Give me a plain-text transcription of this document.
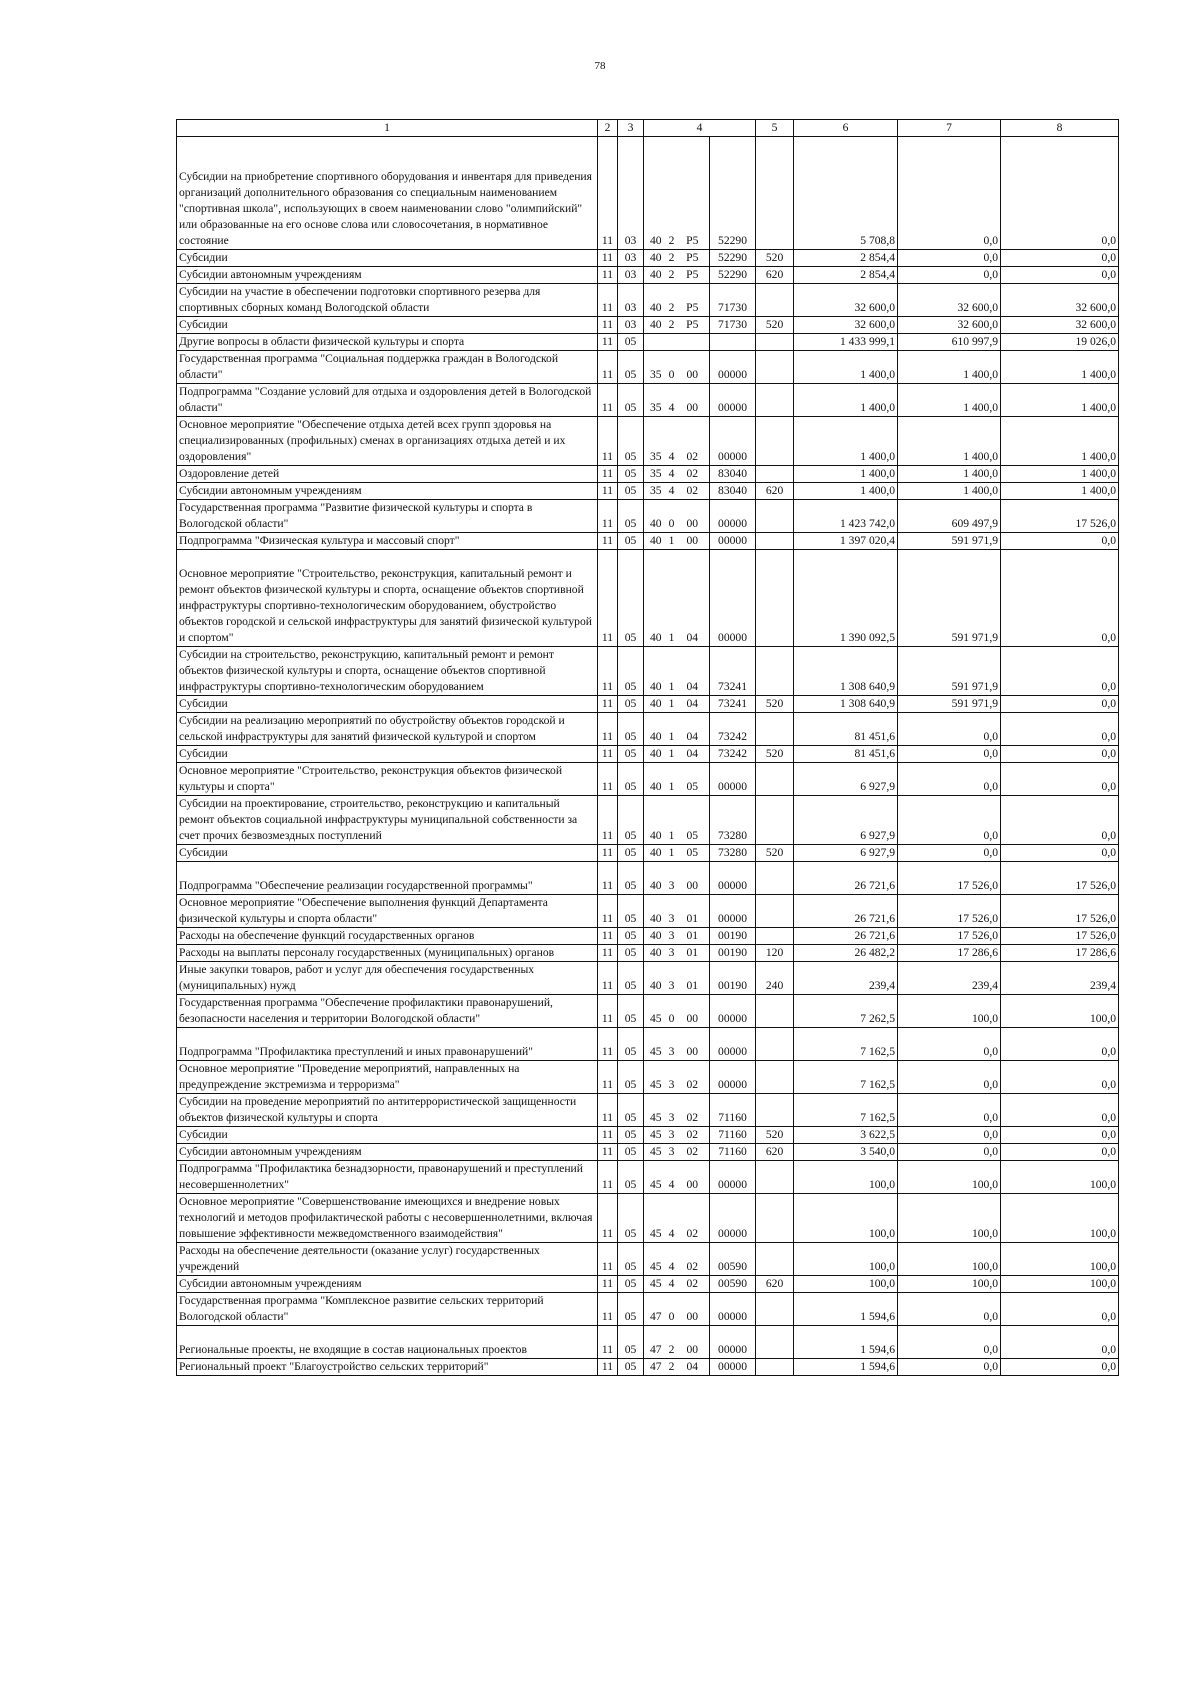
78
1	2	3	4				5	6	7	8

Субсидии на приобретение спортивного оборудования и инвентаря для приведения организаций дополнительного образования со специальным наименованием "спортивная школа", использующих в своем наименовании слово "олимпийский" или образованные на его основе слова или словосочетания, в нормативное состояние	11	03	40	2	P5	52290		5 708,8	0,0	0,0
Субсидии	11	03	40	2	P5	52290	520	2 854,4	0,0	0,0
Субсидии автономным учреждениям	11	03	40	2	P5	52290	620	2 854,4	0,0	0,0
Субсидии на участие в обеспечении подготовки спортивного резерва для спортивных сборных команд Вологодской области	11	03	40	2	P5	71730		32 600,0	32 600,0	32 600,0
Субсидии	11	03	40	2	P5	71730	520	32 600,0	32 600,0	32 600,0
Другие вопросы в области физической культуры и спорта	11	05						1 433 999,1	610 997,9	19 026,0
Государственная программа "Социальная поддержка граждан в Вологодской области"	11	05	35	0	00	00000		1 400,0	1 400,0	1 400,0
Подпрограмма "Создание условий для отдыха и оздоровления детей в Вологодской области"	11	05	35	4	00	00000		1 400,0	1 400,0	1 400,0
Основное мероприятие "Обеспечение отдыха детей всех групп здоровья на специализированных (профильных) сменах в организациях отдыха детей и их оздоровления"	11	05	35	4	02	00000		1 400,0	1 400,0	1 400,0
Оздоровление детей	11	05	35	4	02	83040		1 400,0	1 400,0	1 400,0
Субсидии автономным учреждениям	11	05	35	4	02	83040	620	1 400,0	1 400,0	1 400,0
Государственная программа "Развитие физической культуры и спорта в Вологодской области"	11	05	40	0	00	00000		1 423 742,0	609 497,9	17 526,0
Подпрограмма "Физическая культура и массовый спорт"	11	05	40	1	00	00000		1 397 020,4	591 971,9	0,0

Основное мероприятие "Строительство, реконструкция, капитальный ремонт и ремонт объектов физической культуры и спорта, оснащение объектов спортивной инфраструктуры спортивно-технологическим оборудованием, обустройство объектов городской и сельской инфраструктуры для занятий физической культурой и спортом"	11	05	40	1	04	00000		1 390 092,5	591 971,9	0,0
Субсидии на строительство, реконструкцию, капитальный ремонт и ремонт объектов физической культуры и спорта, оснащение объектов спортивной инфраструктуры спортивно-технологическим оборудованием	11	05	40	1	04	73241		1 308 640,9	591 971,9	0,0
Субсидии	11	05	40	1	04	73241	520	1 308 640,9	591 971,9	0,0
Субсидии на реализацию мероприятий по обустройству объектов городской и сельской инфраструктуры для занятий физической культурой и спортом	11	05	40	1	04	73242		81 451,6	0,0	0,0
Субсидии	11	05	40	1	04	73242	520	81 451,6	0,0	0,0
Основное мероприятие "Строительство, реконструкция объектов физической культуры и спорта"	11	05	40	1	05	00000		6 927,9	0,0	0,0
Субсидии на проектирование, строительство, реконструкцию и капитальный ремонт объектов социальной инфраструктуры муниципальной собственности за счет прочих безвозмездных поступлений	11	05	40	1	05	73280		6 927,9	0,0	0,0
Субсидии	11	05	40	1	05	73280	520	6 927,9	0,0	0,0

Подпрограмма "Обеспечение реализации государственной программы"	11	05	40	3	00	00000		26 721,6	17 526,0	17 526,0
Основное мероприятие "Обеспечение выполнения функций Департамента физической культуры и спорта области"	11	05	40	3	01	00000		26 721,6	17 526,0	17 526,0
Расходы на обеспечение функций государственных органов	11	05	40	3	01	00190		26 721,6	17 526,0	17 526,0
Расходы на выплаты персоналу государственных (муниципальных) органов	11	05	40	3	01	00190	120	26 482,2	17 286,6	17 286,6
Иные закупки товаров, работ и услуг для обеспечения государственных (муниципальных) нужд	11	05	40	3	01	00190	240	239,4	239,4	239,4
Государственная программа "Обеспечение профилактики правонарушений, безопасности населения и территории Вологодской области"	11	05	45	0	00	00000		7 262,5	100,0	100,0

Подпрограмма "Профилактика преступлений и иных правонарушений"	11	05	45	3	00	00000		7 162,5	0,0	0,0
Основное мероприятие "Проведение мероприятий, направленных на предупреждение экстремизма и терроризма"	11	05	45	3	02	00000		7 162,5	0,0	0,0
Субсидии на проведение мероприятий по антитеррористической защищенности объектов физической культуры и спорта	11	05	45	3	02	71160		7 162,5	0,0	0,0
Субсидии	11	05	45	3	02	71160	520	3 622,5	0,0	0,0
Субсидии автономным учреждениям	11	05	45	3	02	71160	620	3 540,0	0,0	0,0
Подпрограмма "Профилактика безнадзорности, правонарушений и преступлений несовершеннолетних"	11	05	45	4	00	00000		100,0	100,0	100,0
Основное мероприятие "Совершенствование имеющихся и внедрение новых технологий и методов профилактической работы с несовершеннолетними, включая повышение эффективности межведомственного взаимодействия"	11	05	45	4	02	00000		100,0	100,0	100,0
Расходы на обеспечение деятельности (оказание услуг) государственных учреждений	11	05	45	4	02	00590		100,0	100,0	100,0
Субсидии автономным учреждениям	11	05	45	4	02	00590	620	100,0	100,0	100,0
Государственная программа "Комплексное развитие сельских территорий Вологодской области"	11	05	47	0	00	00000		1 594,6	0,0	0,0

Региональные проекты, не входящие в состав национальных проектов	11	05	47	2	00	00000		1 594,6	0,0	0,0
Региональный проект "Благоустройство сельских территорий"	11	05	47	2	04	00000		1 594,6	0,0	0,0
